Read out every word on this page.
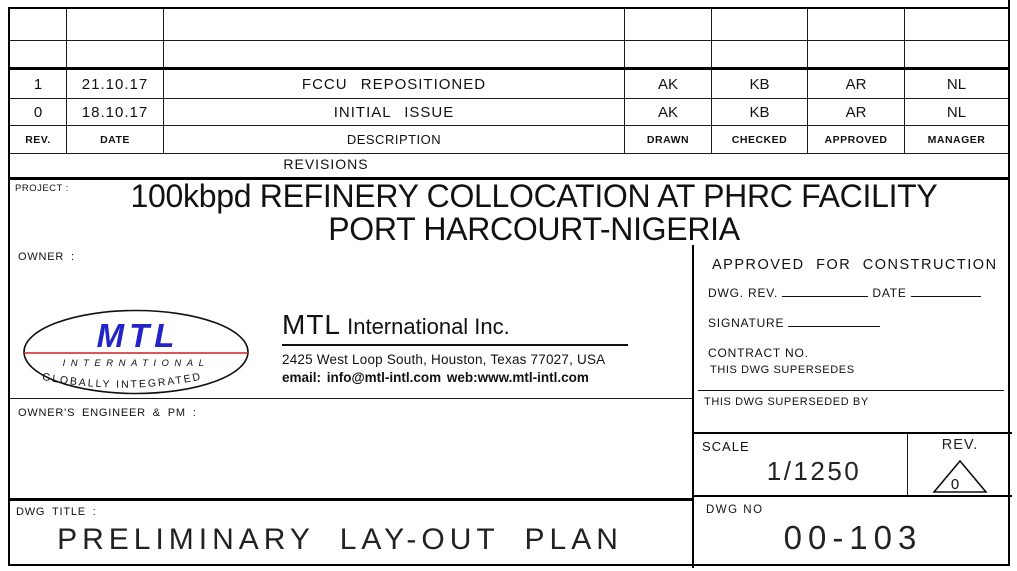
1	21.10.17	FCCU REPOSITIONED	AK	KB	AR	NL
0	18.10.17	INITIAL ISSUE	AK	KB	AR	NL
REV.	DATE	DESCRIPTION	DRAWN	CHECKED	APPROVED	MANAGER
REVISIONS
PROJECT :	100kbpd REFINERY COLLOCATION AT PHRC FACILITY
PORT HARCOURT-NIGERIA
OWNER :
MTL
INTERNATIONAL
GLOBALLY INTEGRATED
MTL International Inc.
2425 West Loop South, Houston, Texas 77027, USA
email: info@mtl-intl.com web:www.mtl-intl.com
OWNER'S ENGINEER & PM :
DWG TITLE :
PRELIMINARY LAY-OUT PLAN
APPROVED FOR CONSTRUCTION
DWG. REV.	DATE
SIGNATURE
CONTRACT NO.
THIS DWG SUPERSEDES
THIS DWG SUPERSEDED BY
SCALE
1/1250
REV.
0
DWG NO
00-103
